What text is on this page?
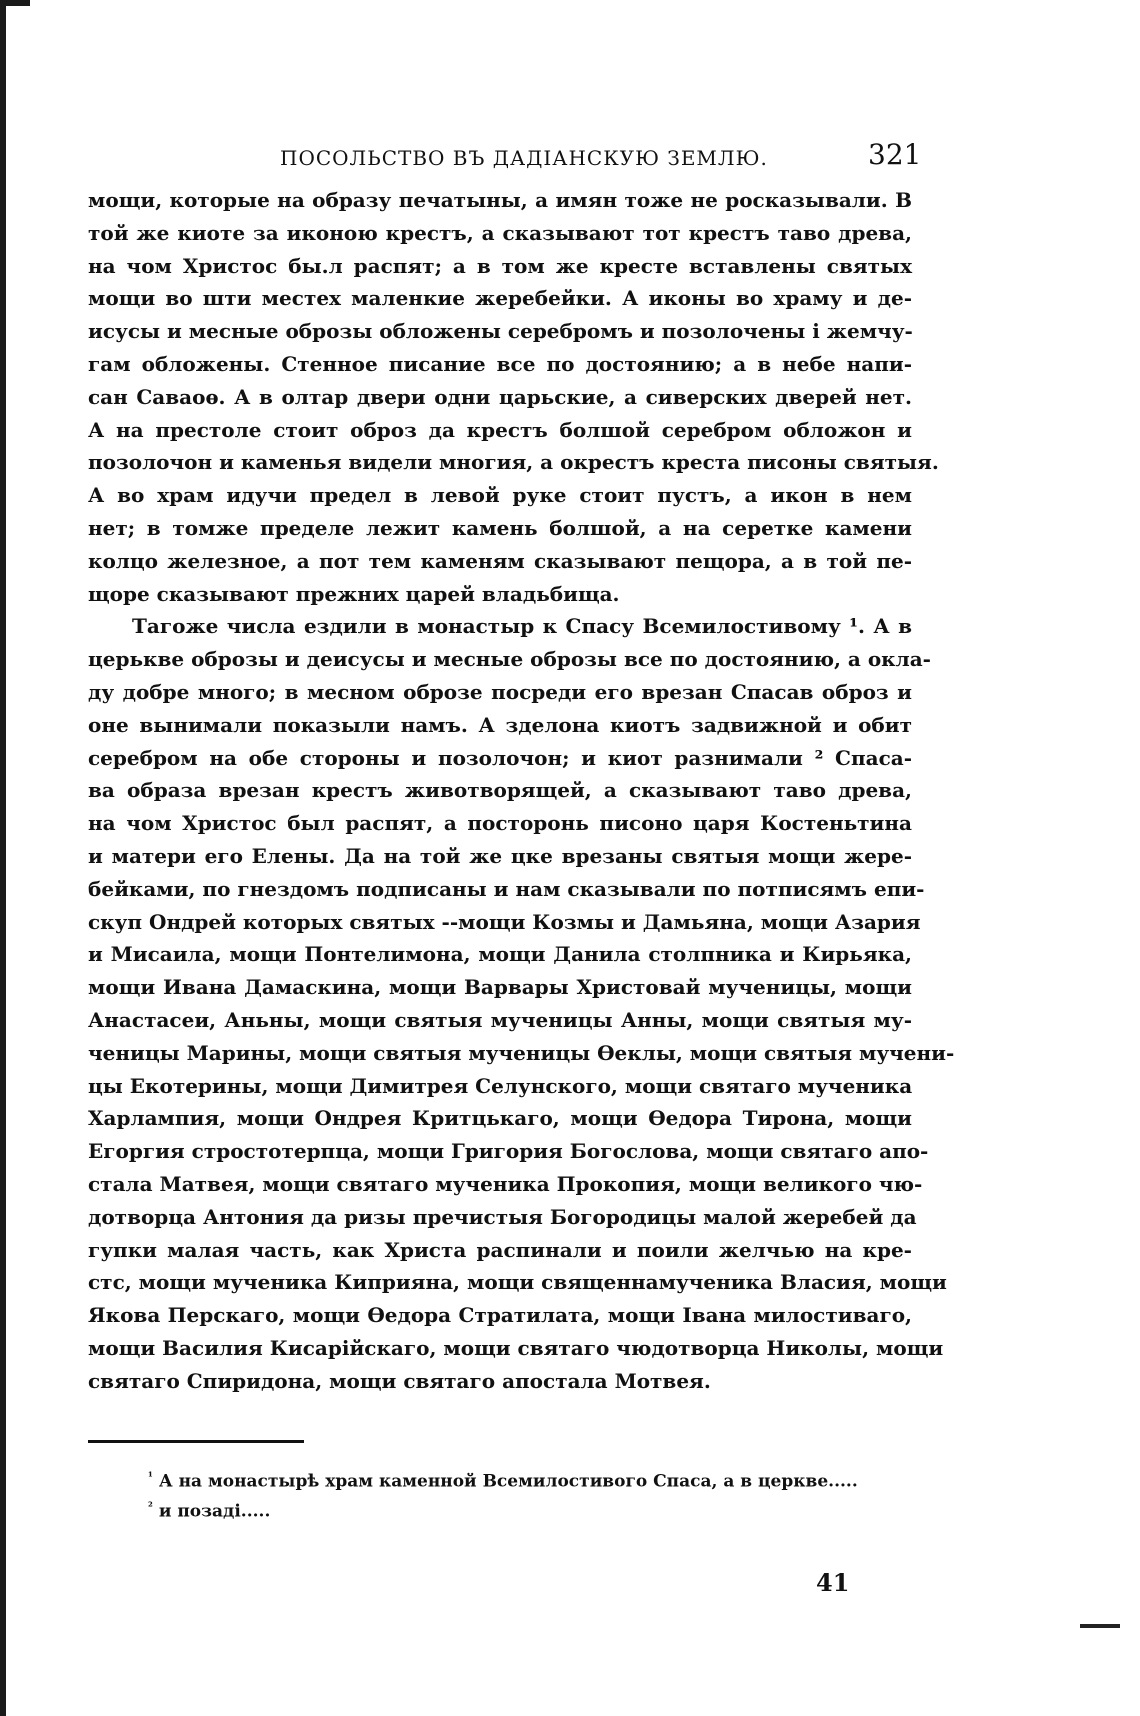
ПОСОЛЬСТВО ВЪ ДАДІАНСКУЮ ЗЕМЛЮ.	321
мощи, которые на образу печатыны, а имян тоже не росказывали. В
той же киоте за иконою крестъ, а сказывают тот крестъ таво древа,
на чом Христос бы.л распят; а в том же кресте вставлены святых
мощи во шти местех маленкие жеребейки. А иконы во храму и де-
исусы и месные оброзы обложены серебромъ и позолочены і жемчу-
гам обложены. Стенное писание все по достоянию; а в небе напи-
сан Саваоѳ. А в олтар двери одни царьские, а сиверских дверей нет.
А на престоле стоит оброз да крестъ болшой серебром обложон и
позолочон и каменья видели многия, а окрестъ креста писоны святыя.
А во храм идучи предел в левой руке стоит пустъ, а икон в нем
нет; в томже пределе лежит камень болшой, а на серетке камени
колцо железное, а пот тем каменям сказывают пещора, а в той пе-
щоре сказывают прежних царей владьбища.
Тагоже числа ездили в монастыр к Спасу Всемилостивому ¹. А в
церькве оброзы и деисусы и месные оброзы все по достоянию, а окла-
ду добре много; в месном оброзе посреди его врезан Спасав оброз и
оне вынимали показыли намъ. А зделона киотъ задвижной и обит
серебром на обе стороны и позолочон; и киот разнимали ² Спаса-
ва образа врезан крестъ животворящей, а сказывают таво древа,
на чом Христос был распят, а посторонь писоно царя Костеньтина
и матери его Елены. Да на той же цке врезаны святыя мощи жере-
бейками, по гнездомъ подписаны и нам сказывали по потписямъ епи-
скуп Ондрей которых святых --мощи Козмы и Дамьяна, мощи Азария
и Мисаила, мощи Понтелимона, мощи Данила столпника и Кирьяка,
мощи Ивана Дамаскина, мощи Варвары Христовай мученицы, мощи
Анастасеи, Аньны, мощи святыя мученицы Анны, мощи святыя му-
ченицы Марины, мощи святыя мученицы Ѳеклы, мощи святыя мучени-
цы Екотерины, мощи Димитрея Селунского, мощи святаго мученика
Харлампия, мощи Ондрея Критцькаго, мощи Ѳедора Тирона, мощи
Егоргия стростотерпца, мощи Григория Богослова, мощи святаго апо-
стала Матвея, мощи святаго мученика Прокопия, мощи великого чю-
дотворца Антония да ризы пречистыя Богородицы малой жеребей да
гупки малая часть, как Христа распинали и поили желчью на кре-
стс, мощи мученика Киприяна, мощи священнамученика Власия, мощи
Якова Перскаго, мощи Ѳедора Стратилата, мощи Івана милостиваго,
мощи Василия Кисарійскаго, мощи святаго чюдотворца Николы, мощи
святаго Спиридона, мощи святаго апостала Мотвея.
$^{^1}$ А на монастырѣ храм каменной Всемилостивого Спаса, а в церкве.....
$^{^2}$ и позаді.....
41
